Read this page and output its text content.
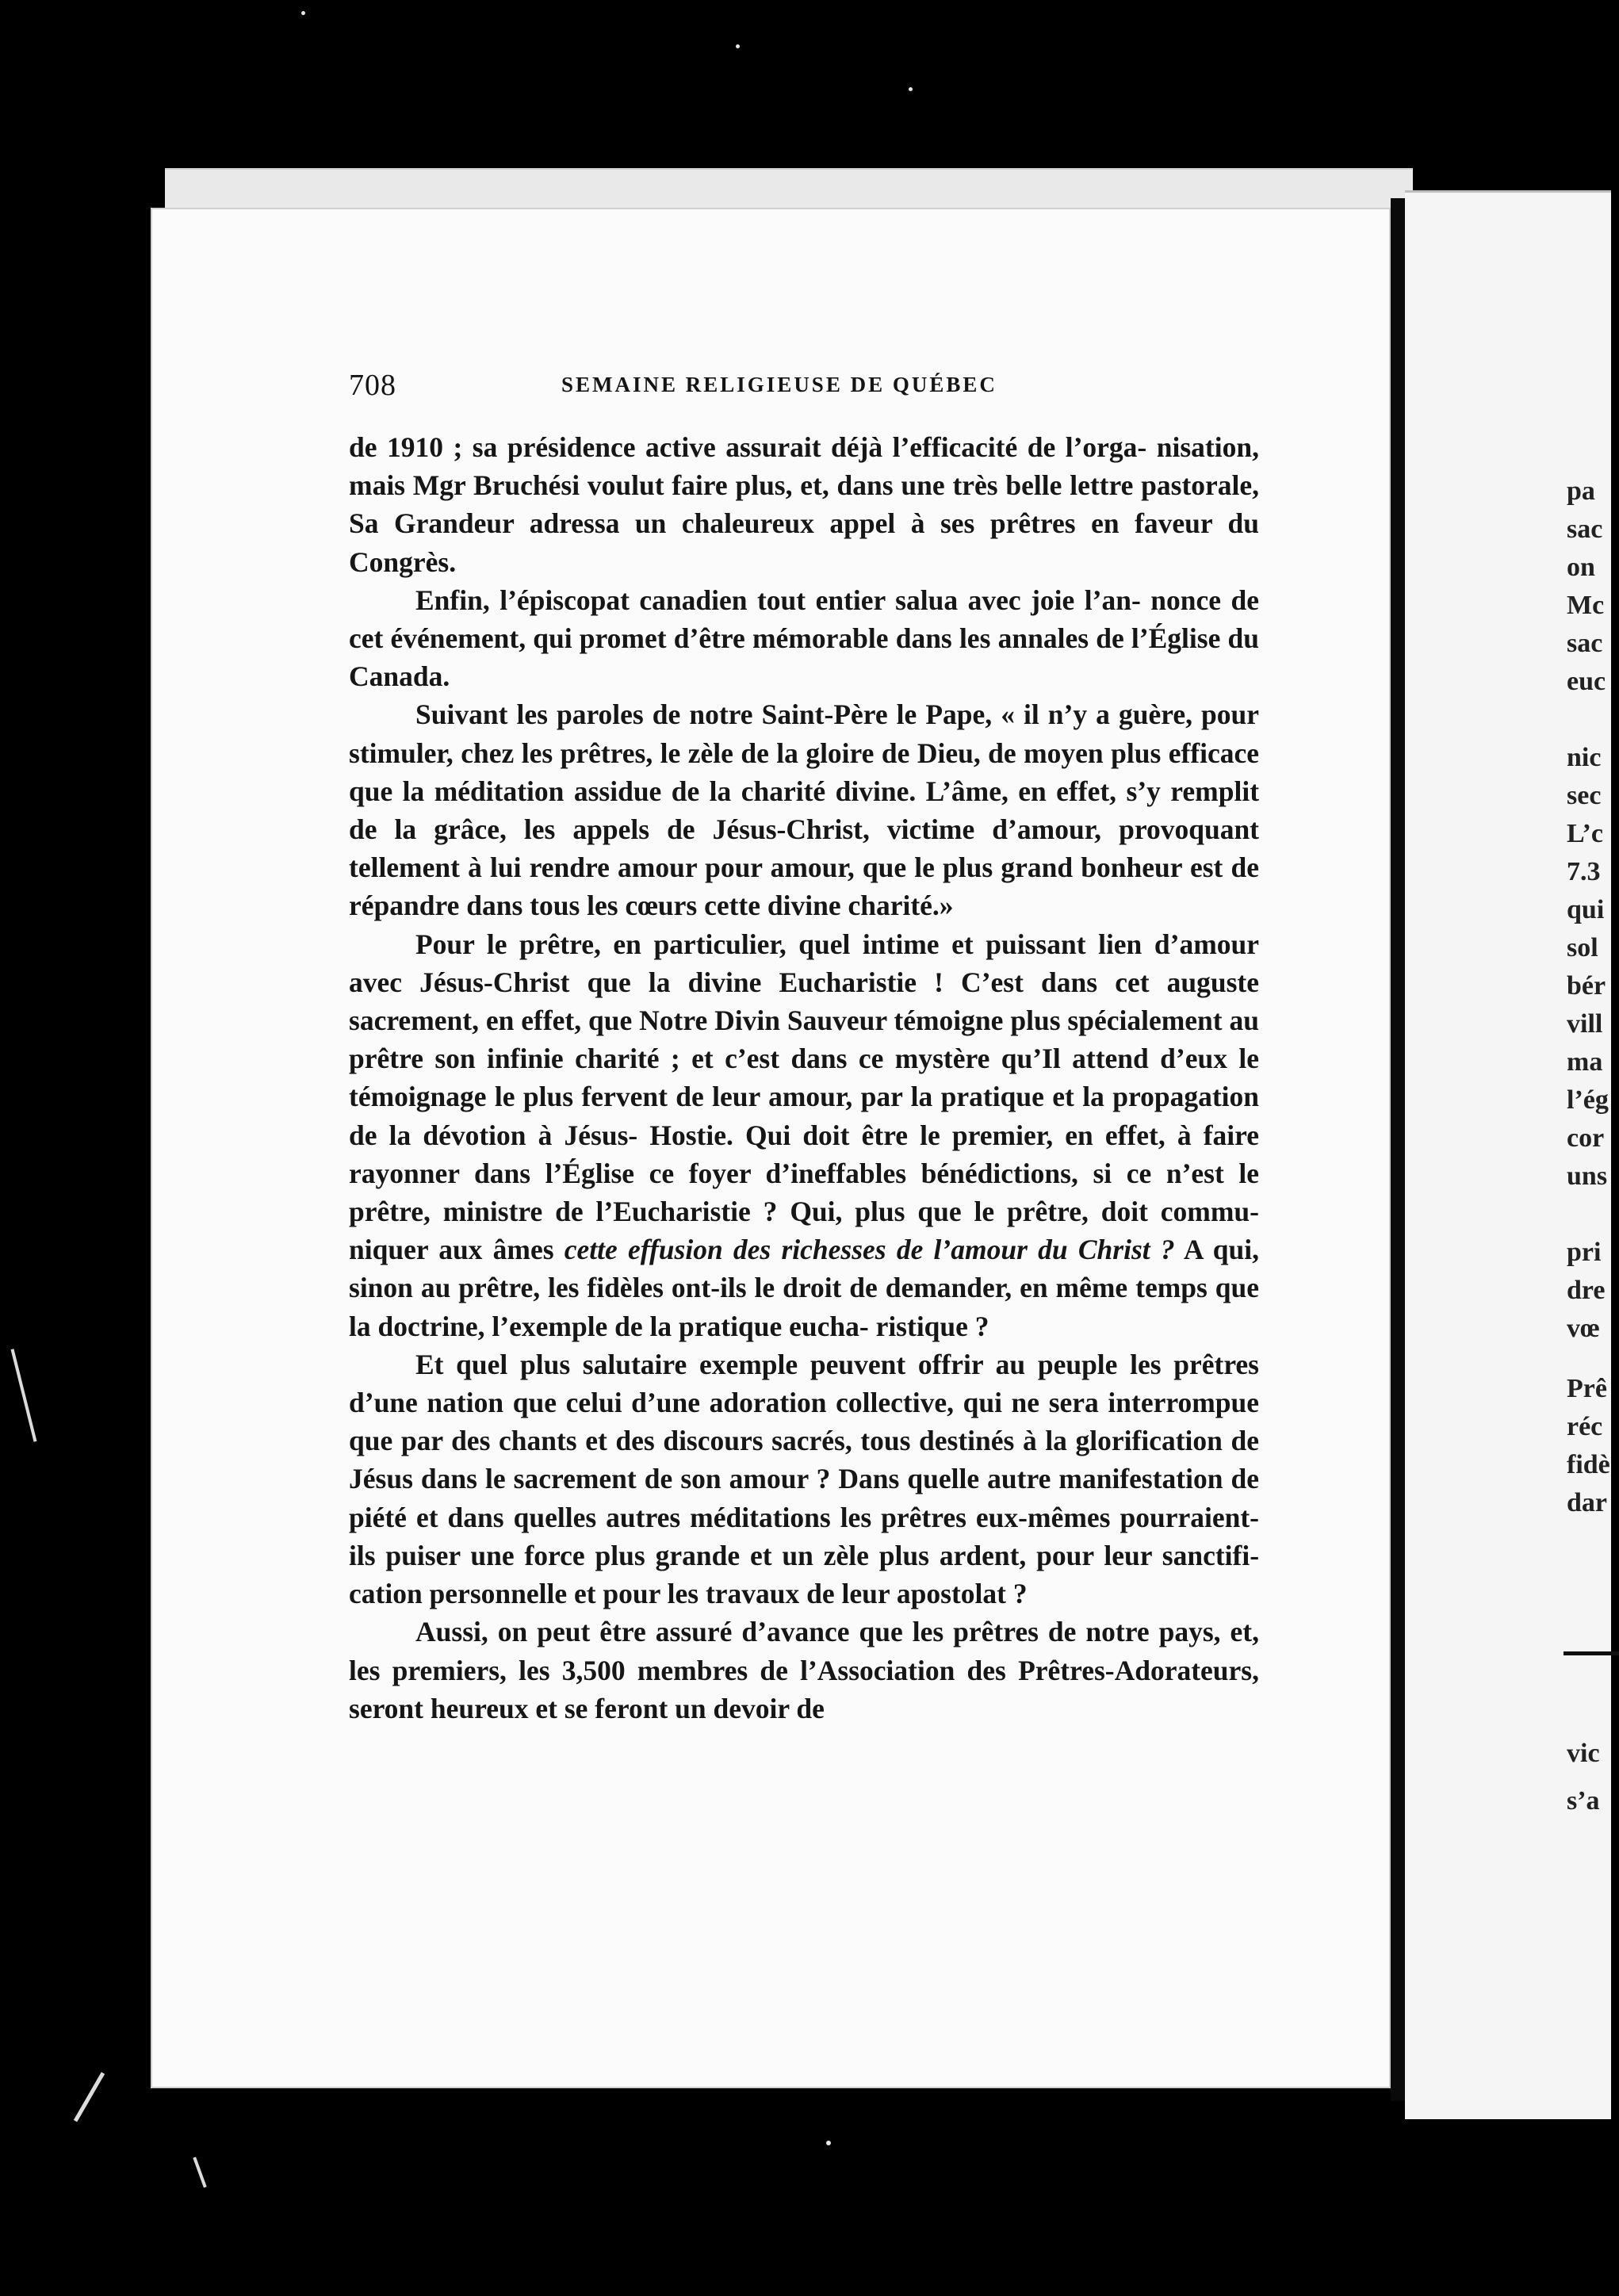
708	SEMAINE RELIGIEUSE DE QUÉBEC

de 1910 ; sa présidence active assurait déjà l’efficacité de l’orga- nisation, mais Mgr Bruchési voulut faire plus, et, dans une très belle lettre pastorale, Sa Grandeur adressa un chaleureux appel à ses prêtres en faveur du Congrès.

Enfin, l’épiscopat canadien tout entier salua avec joie l’an- nonce de cet événement, qui promet d’être mémorable dans les annales de l’Église du Canada.

Suivant les paroles de notre Saint-Père le Pape, « il n’y a guère, pour stimuler, chez les prêtres, le zèle de la gloire de Dieu, de moyen plus efficace que la méditation assidue de la charité divine. L’âme, en effet, s’y remplit de la grâce, les appels de Jésus-Christ, victime d’amour, provoquant tellement à lui rendre amour pour amour, que le plus grand bonheur est de répandre dans tous les cœurs cette divine charité.»

Pour le prêtre, en particulier, quel intime et puissant lien d’amour avec Jésus-Christ que la divine Eucharistie ! C’est dans cet auguste sacrement, en effet, que Notre Divin Sauveur témoigne plus spécialement au prêtre son infinie charité ; et c’est dans ce mystère qu’Il attend d’eux le témoignage le plus fervent de leur amour, par la pratique et la propagation de la dévotion à Jésus- Hostie. Qui doit être le premier, en effet, à faire rayonner dans l’Église ce foyer d’ineffables bénédictions, si ce n’est le prêtre, ministre de l’Eucharistie ? Qui, plus que le prêtre, doit commu- niquer aux âmes cette effusion des richesses de l’amour du Christ ? A qui, sinon au prêtre, les fidèles ont-ils le droit de demander, en même temps que la doctrine, l’exemple de la pratique eucha- ristique ?

Et quel plus salutaire exemple peuvent offrir au peuple les prêtres d’une nation que celui d’une adoration collective, qui ne sera interrompue que par des chants et des discours sacrés, tous destinés à la glorification de Jésus dans le sacrement de son amour ? Dans quelle autre manifestation de piété et dans quelles autres méditations les prêtres eux-mêmes pourraient-ils puiser une force plus grande et un zèle plus ardent, pour leur sanctifi- cation personnelle et pour les travaux de leur apostolat ?

Aussi, on peut être assuré d’avance que les prêtres de notre pays, et, les premiers, les 3,500 membres de l’Association des Prêtres-Adorateurs, seront heureux et se feront un devoir de

pa
sac
on
Mc
sac
euc
nic
sec
L’c
7.3
qui
sol
bér
vill
ma
l’ég
cor
uns
pri
dre
vœ
Prê
réc
fidè
dar
vic
s’a
